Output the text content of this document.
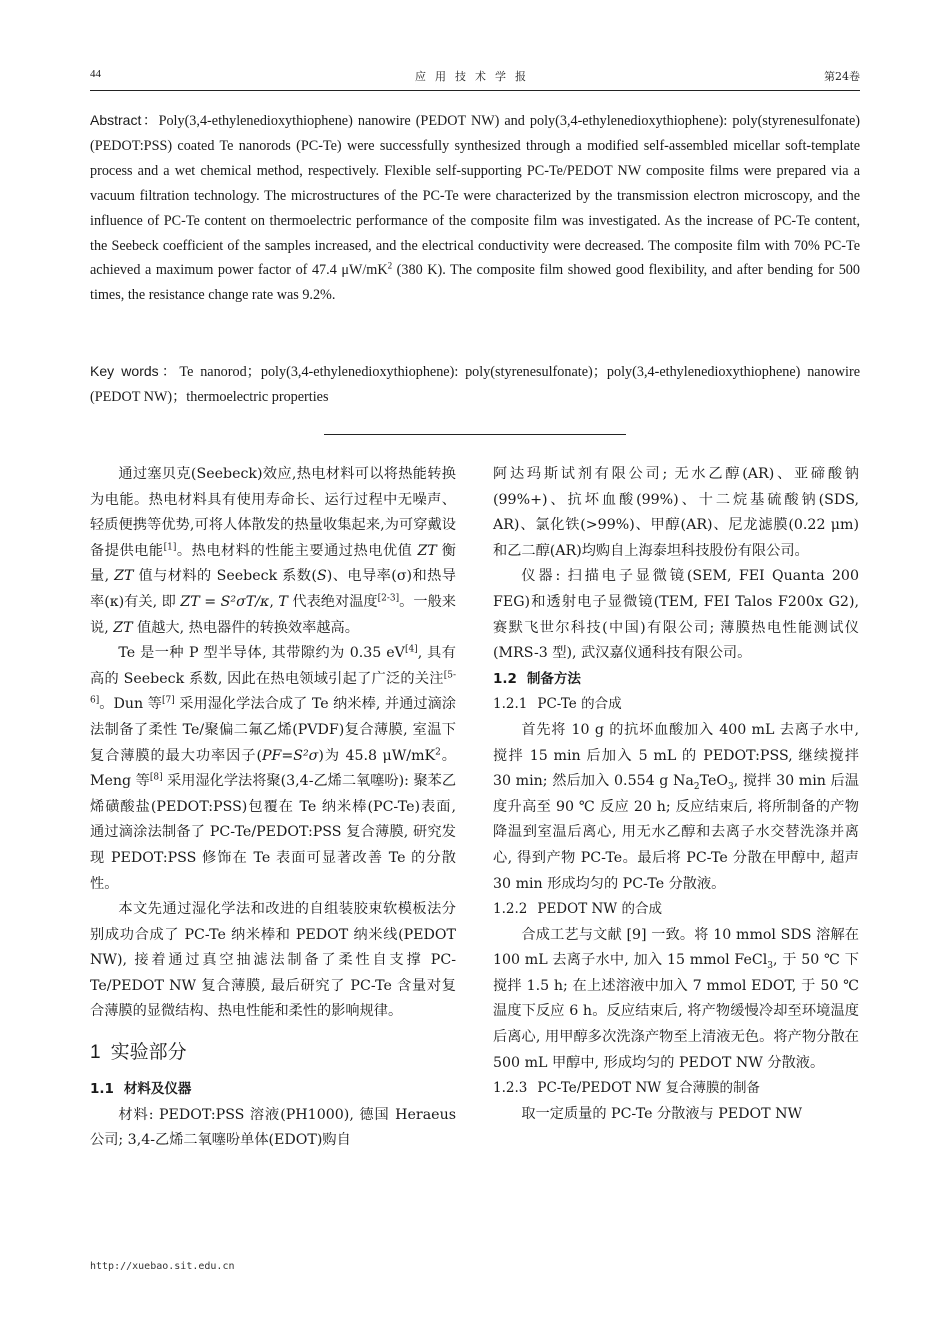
44	应用技术学报	第24卷
Abstract：Poly(3,4-ethylenedioxythiophene) nanowire (PEDOT NW) and poly(3,4-ethylenedioxythiophene): poly(styrenesulfonate) (PEDOT:PSS) coated Te nanorods (PC-Te) were successfully synthesized through a modified self-assembled micellar soft-template process and a wet chemical method, respectively. Flexible self-supporting PC-Te/PEDOT NW composite films were prepared via a vacuum filtration technology. The microstructures of the PC-Te were characterized by the transmission electron microscopy, and the influence of PC-Te content on thermoelectric performance of the composite film was investigated. As the increase of PC-Te content, the Seebeck coefficient of the samples increased, and the electrical conductivity were decreased. The composite film with 70% PC-Te achieved a maximum power factor of 47.4 $\mu W/mK^2$ (380 K). The composite film showed good flexibility, and after bending for 500 times, the resistance change rate was 9.2%.
Key words：Te nanorod；poly(3,4-ethylenedioxythiophene): poly(styrenesulfonate)；poly(3,4-ethylenedioxythiophene) nanowire (PEDOT NW)；thermoelectric properties

通过塞贝克(Seebeck)效应,热电材料可以将热能转换为电能。热电材料具有使用寿命长、运行过程中无噪声、轻质便携等优势,可将人体散发的热量收集起来,为可穿戴设备提供电能[1]。热电材料的性能主要通过热电优值 ZT 衡量, ZT 值与材料的 Seebeck 系数(S)、电导率(σ)和热导率(κ)有关, 即 ZT = S²σT/κ, T 代表绝对温度[2-3]。一般来说, ZT 值越大, 热电器件的转换效率越高。

Te 是一种 P 型半导体, 其带隙约为 0.35 eV[4], 具有高的 Seebeck 系数, 因此在热电领域引起了广泛的关注[5-6]。Dun 等[7] 采用湿化学法合成了 Te 纳米棒, 并通过滴涂法制备了柔性 Te/聚偏二氟乙烯(PVDF)复合薄膜, 室温下复合薄膜的最大功率因子(PF=S²σ)为 45.8 $\mu W/mK^2$。Meng 等[8] 采用湿化学法将聚(3,4-乙烯二氧噻吩): 聚苯乙烯磺酸盐(PEDOT:PSS)包覆在 Te 纳米棒(PC-Te)表面, 通过滴涂法制备了 PC-Te/PEDOT:PSS 复合薄膜, 研究发现 PEDOT:PSS 修饰在 Te 表面可显著改善 Te 的分散性。

本文先通过湿化学法和改进的自组装胶束软模板法分别成功合成了 PC-Te 纳米棒和 PEDOT 纳米线(PEDOT NW), 接着通过真空抽滤法制备了柔性自支撑 PC-Te/PEDOT NW 复合薄膜, 最后研究了 PC-Te 含量对复合薄膜的显微结构、热电性能和柔性的影响规律。

1 实验部分
1.1 材料及仪器

材料: PEDOT:PSS 溶液(PH1000), 德国 Heraeus 公司; 3,4-乙烯二氧噻吩单体(EDOT)购自

阿达玛斯试剂有限公司; 无水乙醇(AR)、亚碲酸钠(99%+)、抗坏血酸(99%)、十二烷基硫酸钠(SDS, AR)、氯化铁(>99%)、甲醇(AR)、尼龙滤膜(0.22 μm)和乙二醇(AR)均购自上海泰坦科技股份有限公司。

仪器: 扫描电子显微镜(SEM, FEI Quanta 200 FEG)和透射电子显微镜(TEM, FEI Talos F200x G2), 赛默飞世尔科技(中国)有限公司; 薄膜热电性能测试仪(MRS-3 型), 武汉嘉仪通科技有限公司。

1.2 制备方法
1.2.1 PC-Te 的合成

首先将 10 g 的抗坏血酸加入 400 mL 去离子水中, 搅拌 15 min 后加入 5 mL 的 PEDOT:PSS, 继续搅拌 30 min; 然后加入 0.554 g $Na_2TeO_3$, 搅拌 30 min 后温度升高至 90 ℃ 反应 20 h; 反应结束后, 将所制备的产物降温到室温后离心, 用无水乙醇和去离子水交替洗涤并离心, 得到产物 PC-Te。最后将 PC-Te 分散在甲醇中, 超声 30 min 形成均匀的 PC-Te 分散液。

1.2.2 PEDOT NW 的合成

合成工艺与文献 [9] 一致。将 10 mmol SDS 溶解在 100 mL 去离子水中, 加入 15 mmol FeCl$_3$, 于 50 ℃ 下搅拌 1.5 h; 在上述溶液中加入 7 mmol EDOT, 于 50 ℃ 温度下反应 6 h。反应结束后, 将产物缓慢冷却至环境温度后离心, 用甲醇多次洗涤产物至上清液无色。将产物分散在 500 mL 甲醇中, 形成均匀的 PEDOT NW 分散液。

1.2.3 PC-Te/PEDOT NW 复合薄膜的制备

取一定质量的 PC-Te 分散液与 PEDOT NW

http://xuebao.sit.edu.cn
